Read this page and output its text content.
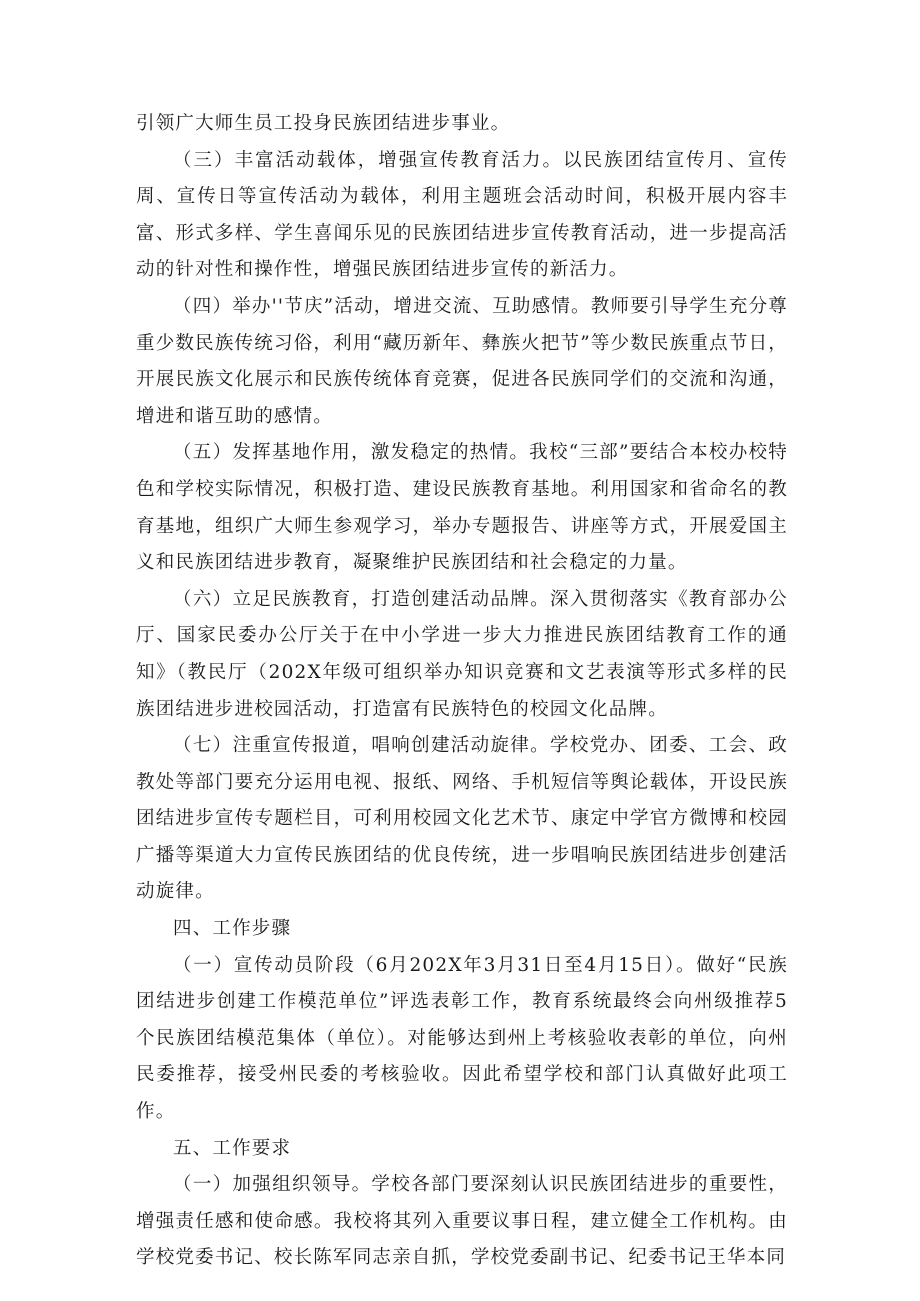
引领广大师生员工投身民族团结进步事业。

（三）丰富活动载体，增强宣传教育活力。以民族团结宣传月、宣传周、宣传日等宣传活动为载体，利用主题班会活动时间，积极开展内容丰富、形式多样、学生喜闻乐见的民族团结进步宣传教育活动，进一步提高活动的针对性和操作性，增强民族团结进步宣传的新活力。

（四）举办''节庆”活动，增进交流、互助感情。教师要引导学生充分尊重少数民族传统习俗，利用“藏历新年、彝族火把节”等少数民族重点节日，开展民族文化展示和民族传统体育竞赛，促进各民族同学们的交流和沟通，增进和谐互助的感情。

（五）发挥基地作用，激发稳定的热情。我校“三部”要结合本校办校特色和学校实际情况，积极打造、建设民族教育基地。利用国家和省命名的教育基地，组织广大师生参观学习，举办专题报告、讲座等方式，开展爱国主义和民族团结进步教育，凝聚维护民族团结和社会稳定的力量。

（六）立足民族教育，打造创建活动品牌。深入贯彻落实《教育部办公厅、国家民委办公厅关于在中小学进一步大力推进民族团结教育工作的通知》（教民厅（202X年级可组织举办知识竞赛和文艺表演等形式多样的民族团结进步进校园活动，打造富有民族特色的校园文化品牌。

（七）注重宣传报道，唱响创建活动旋律。学校党办、团委、工会、政教处等部门要充分运用电视、报纸、网络、手机短信等舆论载体，开设民族团结进步宣传专题栏目，可利用校园文化艺术节、康定中学官方微博和校园广播等渠道大力宣传民族团结的优良传统，进一步唱响民族团结进步创建活动旋律。

四、工作步骤

（一）宣传动员阶段（6月202X年3月31日至4月15日）。做好“民族团结进步创建工作模范单位”评选表彰工作，教育系统最终会向州级推荐5个民族团结模范集体（单位）。对能够达到州上考核验收表彰的单位，向州民委推荐，接受州民委的考核验收。因此希望学校和部门认真做好此项工作。

五、工作要求

（一）加强组织领导。学校各部门要深刻认识民族团结进步的重要性，增强责任感和使命感。我校将其列入重要议事日程，建立健全工作机构。由学校党委书记、校长陈军同志亲自抓，学校党委副书记、纪委书记王华本同
